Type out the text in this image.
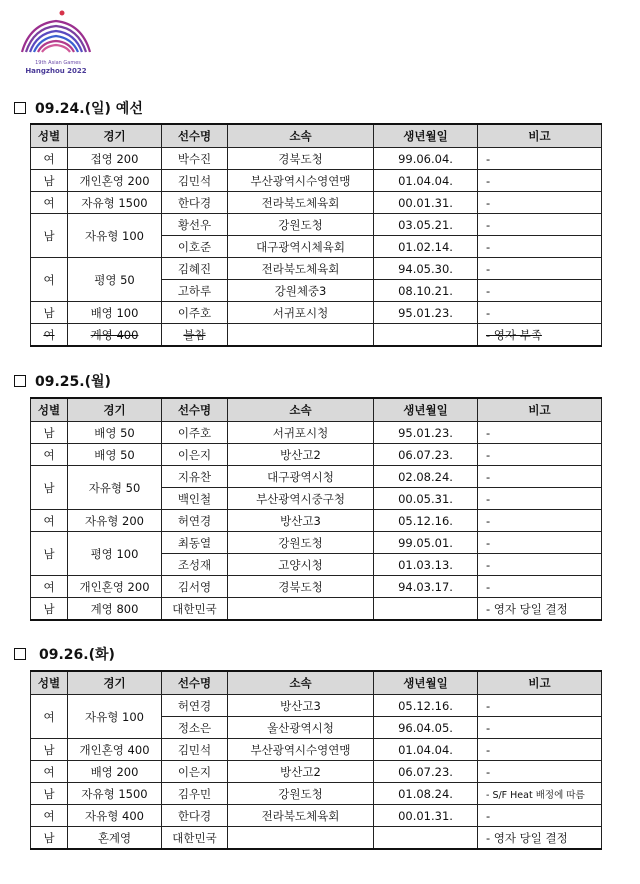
19th Asian Games
Hangzhou 2022
09.24.(일) 예선
성별	경기	선수명	소속	생년월일	비고
여	접영 200	박수진	경북도청	99.06.04.	-
남	개인혼영 200	김민석	부산광역시수영연맹	01.04.04.	-
여	자유형 1500	한다경	전라북도체육회	00.01.31.	-
남	자유형 100	황선우	강원도청	03.05.21.	-
		이호준	대구광역시체육회	01.02.14.	-
여	평영 50	김혜진	전라북도체육회	94.05.30.	-
		고하루	강원체중3	08.10.21.	-
남	배영 100	이주호	서귀포시청	95.01.23.	-
여	계영 400	불참			- 영자 부족
09.25.(월)
성별	경기	선수명	소속	생년월일	비고
남	배영 50	이주호	서귀포시청	95.01.23.	-
여	배영 50	이은지	방산고2	06.07.23.	-
남	자유형 50	지유찬	대구광역시청	02.08.24.	-
		백인철	부산광역시중구청	00.05.31.	-
여	자유형 200	허연경	방산고3	05.12.16.	-
남	평영 100	최동열	강원도청	99.05.01.	-
		조성재	고양시청	01.03.13.	-
여	개인혼영 200	김서영	경북도청	94.03.17.	-
남	계영 800	대한민국			- 영자 당일 결정
09.26.(화)
성별	경기	선수명	소속	생년월일	비고
여	자유형 100	허연경	방산고3	05.12.16.	-
		정소은	울산광역시청	96.04.05.	-
남	개인혼영 400	김민석	부산광역시수영연맹	01.04.04.	-
여	배영 200	이은지	방산고2	06.07.23.	-
남	자유형 1500	김우민	강원도청	01.08.24.	- S/F Heat 배정에 따름
여	자유형 400	한다경	전라북도체육회	00.01.31.	-
남	혼계영	대한민국			- 영자 당일 결정
